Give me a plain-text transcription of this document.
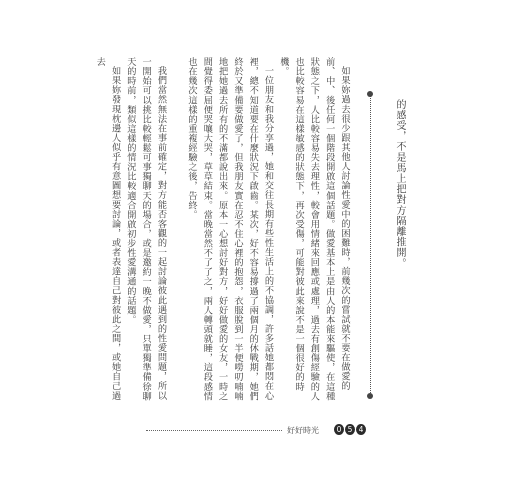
如果妳過去很少跟其他人討論性愛中的困難時，前幾次的嘗試就不要在做愛的前、中、後任何一個階段開啟這個話題。做愛基本上是由人的本能來驅使，在這種狀態之下，人比較容易失去理性，較會用情緒來回應或處理，過去有創傷經驗的人也比較容易在這樣敏感的狀態下，再次受傷，可能對彼此來說不是一個很好的時機。

一位朋友和我分享過，她和交往長期有些性生活上的不協調，許多話她都悶在心裡，總不知道要在什麼狀況下啟齒。某次，好不容易撐過了兩個月的休戰期，她們終於又準備要做愛了，但我朋友實在忍不住心裡的抱怨，衣服脫到一半便嘮叨喃喃地把她過去所有的不滿都說出來。原本一心想討好對方，好好做愛的女友，一時之間覺得委屈便哭嚷大哭，草草結束。當晚當然不了了之，兩人轉頭就睡，這段感情也在幾次這樣的重複經驗之後，告終。

我們當然無法在事前確定，對方能否客觀的一起討論彼此遇到的性愛問題，所以一開始可以挑比較輕鬆可事獨聊天的場合，或是邀約一晚不做愛，只單獨準備徐聊天的時前，類似這樣的情況比較適合開啟初步性愛溝通的話題。

如果妳發現枕邊人似乎有意圖想要討論，或者表達自己對彼此之間，或她自己過去

的感受，不是馬上把對方隔離推開。
好好時光	0 5 4
